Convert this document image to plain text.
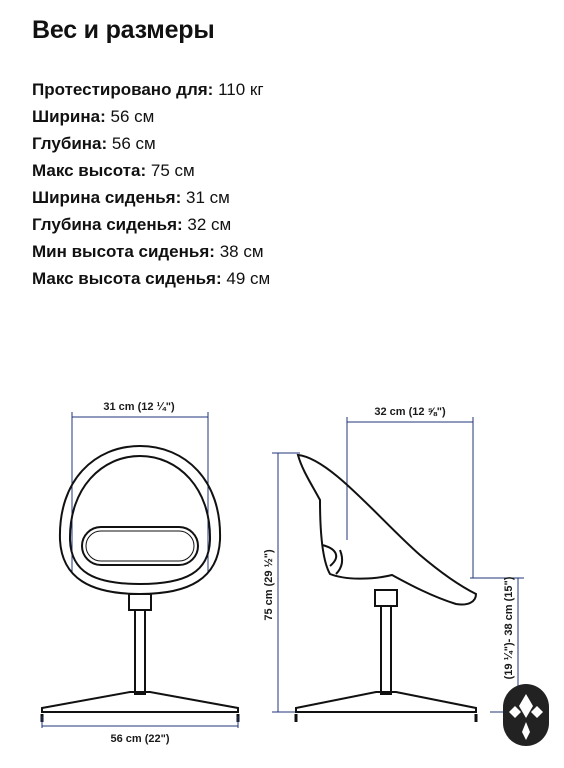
Вес и размеры
Протестировано для: 110 кг
Ширина: 56 см
Глубина: 56 см
Макс высота: 75 см
Ширина сиденья: 31 см
Глубина сиденья: 32 см
Мин высота сиденья: 38 см
Макс высота сиденья: 49 см
31 cm (12 ¼")
56 cm (22")
32 cm (12 ⅝")
75 cm (29 ½")	(19 ¼")- 38 cm (15")
